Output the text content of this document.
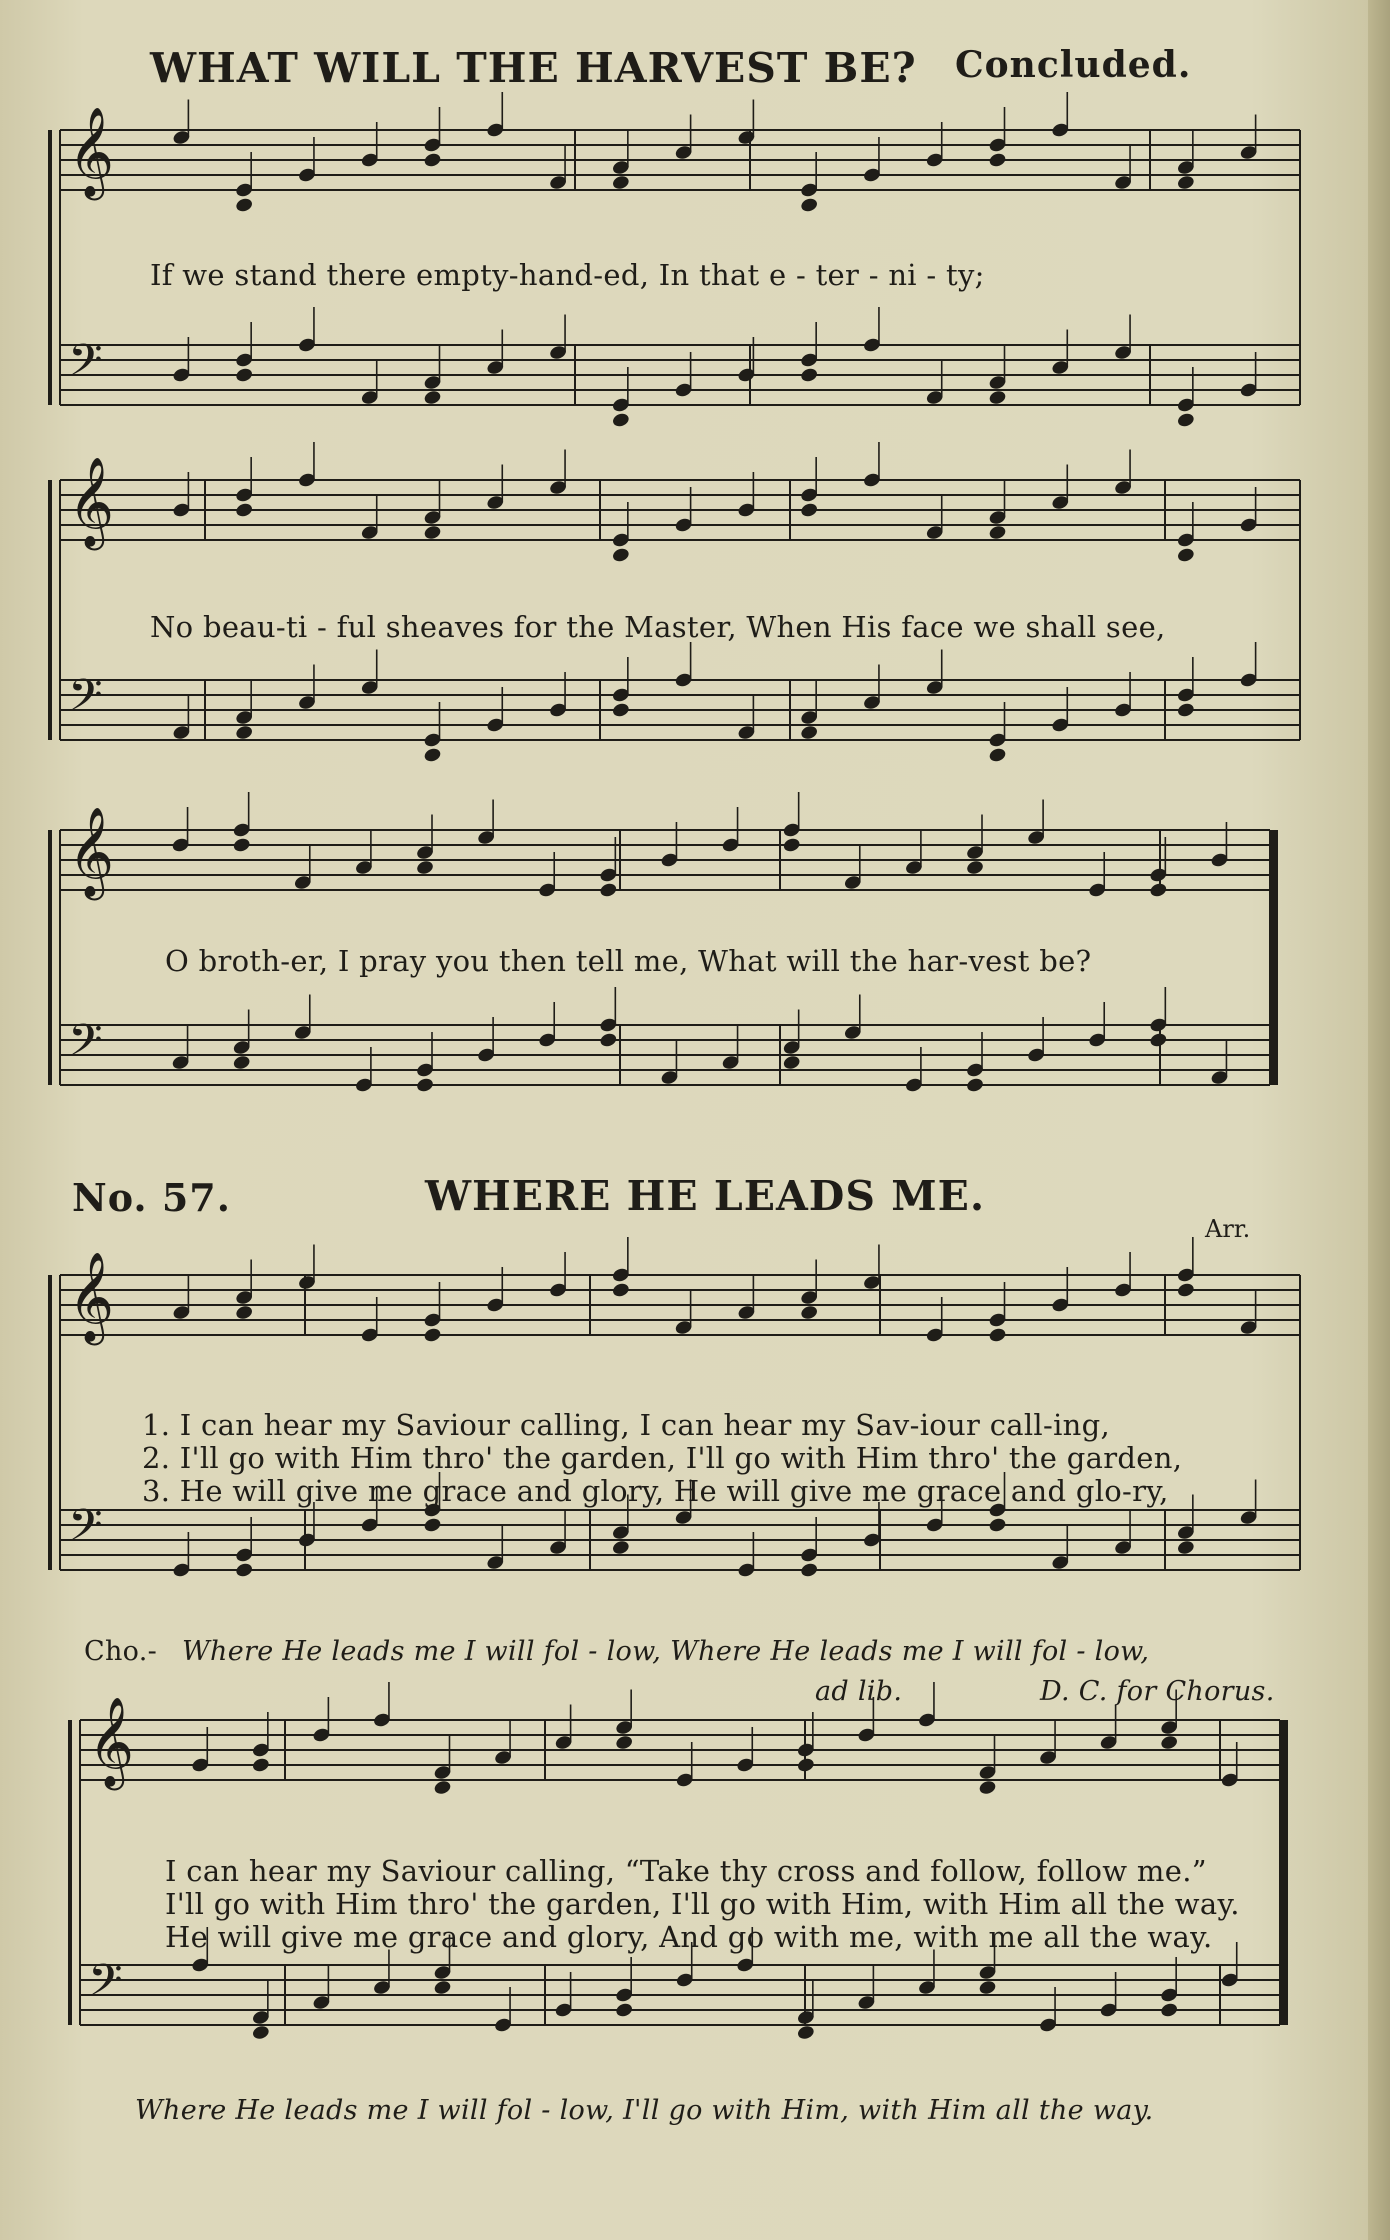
WHAT WILL THE HARVEST BE? Concluded.
𝄞
𝄢
𝄞
𝄢
𝄞
𝄢
𝄞
𝄢
𝄞
𝄢
If we stand there empty-hand-ed, In that e - ter - ni - ty;
No beau-ti - ful sheaves for the Master, When His face we shall see,
O broth-er, I pray you then tell me, What will the har-vest be?
No. 57.	WHERE HE LEADS ME.
Arr.
1. I can hear my Saviour calling, I can hear my Sav-iour call-ing,
2. I'll go with Him thro' the garden, I'll go with Him thro' the garden,
3. He will give me grace and glory, He will give me grace and glo-ry,
Cho.- Where He leads me I will fol - low, Where He leads me I will fol - low,
ad lib.	D. C. for Chorus.
I can hear my Saviour calling, “Take thy cross and follow, follow me.”
I'll go with Him thro' the garden, I'll go with Him, with Him all the way.
He will give me grace and glory, And go with me, with me all the way.
Where He leads me I will fol - low, I'll go with Him, with Him all the way.
